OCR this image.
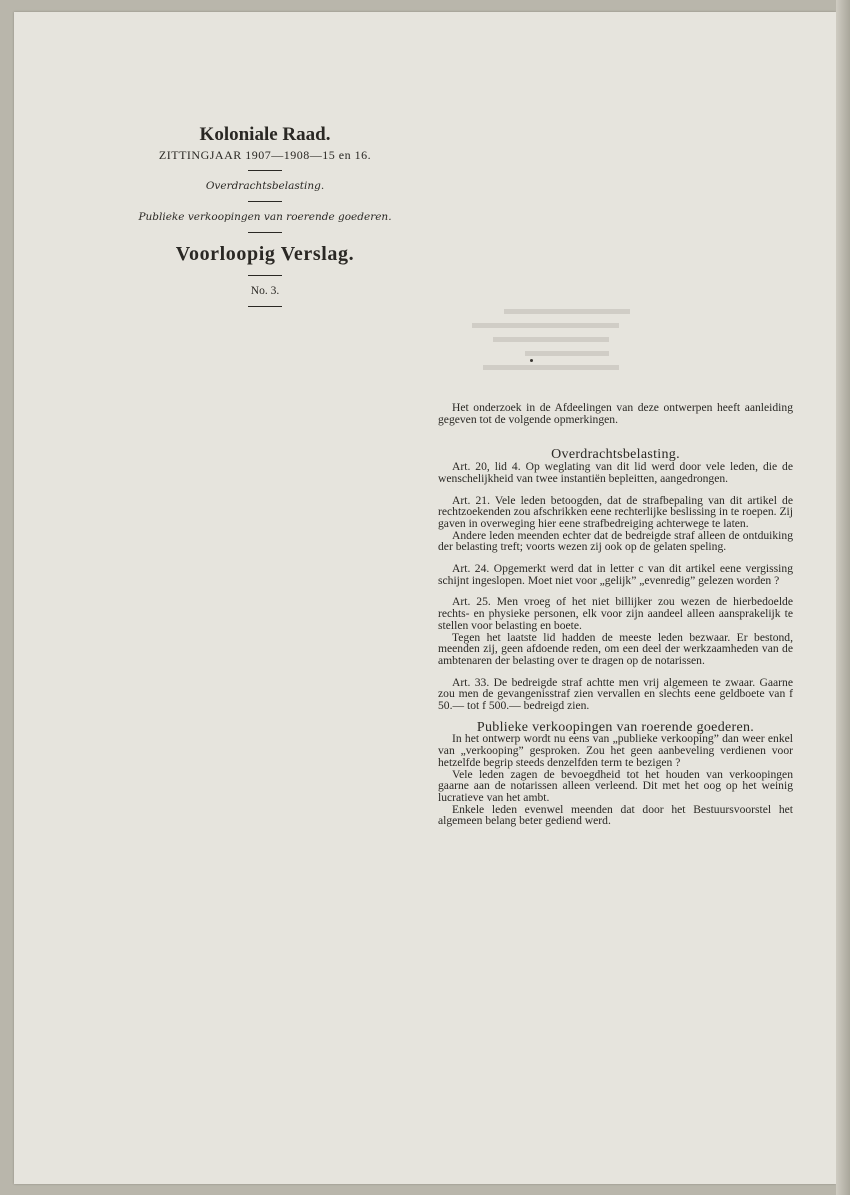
Koloniale Raad.

ZITTINGJAAR 1907—1908—15 en 16.

Overdrachtsbelasting.

Publieke verkoopingen van roerende goederen.

Voorloopig Verslag.

No. 3.

Het onderzoek in de Afdeelingen van deze ontwerpen heeft aanleiding gegeven tot de volgende opmerkingen.

Overdrachtsbelasting.

Art. 20, lid 4. Op weglating van dit lid werd door vele leden, die de wenschelijkheid van twee instantiën bepleitten, aangedrongen.

Art. 21. Vele leden betoogden, dat de strafbepaling van dit artikel de rechtzoekenden zou afschrikken eene rechterlijke beslissing in te roepen. Zij gaven in overweging hier eene strafbedreiging achterwege te laten.

Andere leden meenden echter dat de bedreigde straf alleen de ontduiking der belasting treft; voorts wezen zij ook op de gelaten speling.

Art. 24. Opgemerkt werd dat in letter c van dit artikel eene vergissing schijnt ingeslopen. Moet niet voor „gelijk” „evenredig” gelezen worden ?

Art. 25. Men vroeg of het niet billijker zou wezen de hierbedoelde rechts- en physieke personen, elk voor zijn aandeel alleen aansprakelijk te stellen voor belasting en boete.

Tegen het laatste lid hadden de meeste leden bezwaar. Er bestond, meenden zij, geen afdoende reden, om een deel der werkzaamheden van de ambtenaren der belasting over te dragen op de notarissen.

Art. 33. De bedreigde straf achtte men vrij algemeen te zwaar. Gaarne zou men de gevangenisstraf zien vervallen en slechts eene geldboete van f 50.— tot f 500.— bedreigd zien.

Publieke verkoopingen van roerende goederen.

In het ontwerp wordt nu eens van „publieke verkooping” dan weer enkel van „verkooping” gesproken. Zou het geen aanbeveling verdienen voor hetzelfde begrip steeds denzelfden term te bezigen ?

Vele leden zagen de bevoegdheid tot het houden van verkoopingen gaarne aan de notarissen alleen verleend. Dit met het oog op het weinig lucratieve van het ambt.

Enkele leden evenwel meenden dat door het Bestuursvoorstel het algemeen belang beter gediend werd.
